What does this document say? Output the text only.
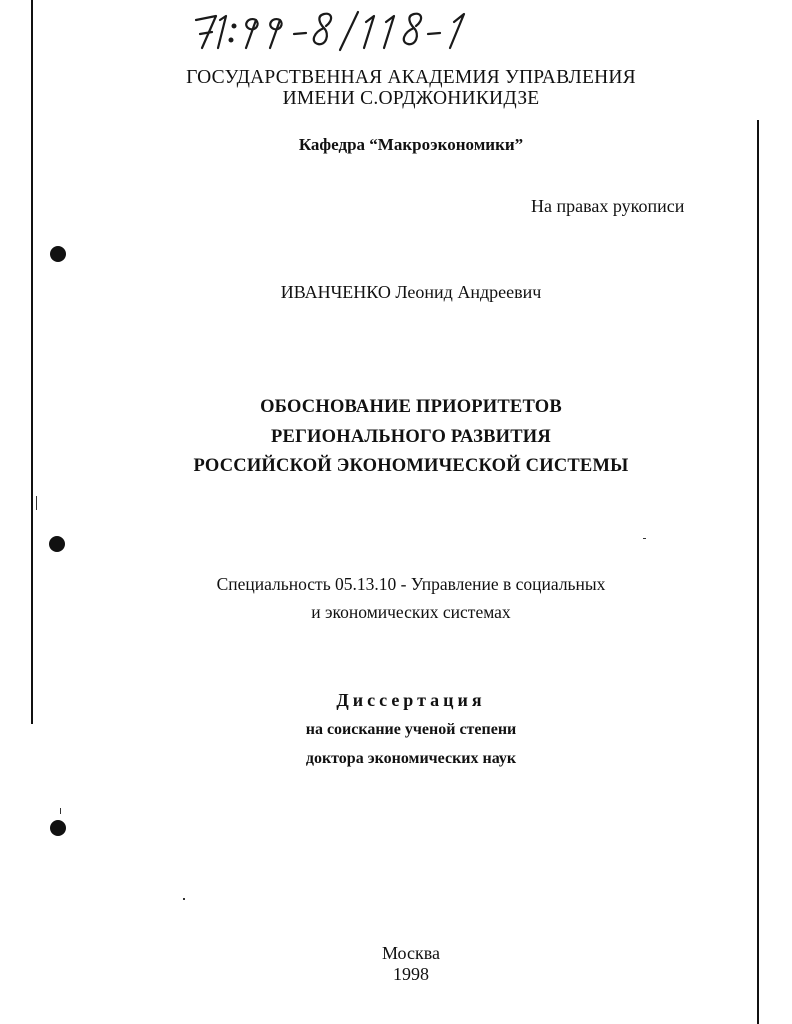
ГОСУДАРСТВЕННАЯ АКАДЕМИЯ УПРАВЛЕНИЯ
ИМЕНИ С.ОРДЖОНИКИДЗЕ
Кафедра “Макроэкономики”
На правах рукописи
ИВАНЧЕНКО Леонид Андреевич
ОБОСНОВАНИЕ ПРИОРИТЕТОВ
РЕГИОНАЛЬНОГО РАЗВИТИЯ
РОССИЙСКОЙ ЭКОНОМИЧЕСКОЙ СИСТЕМЫ
Специальность 05.13.10 - Управление в социальных
и экономических системах
Диссертация
на соискание ученой степени
доктора экономических наук
Москва
1998
